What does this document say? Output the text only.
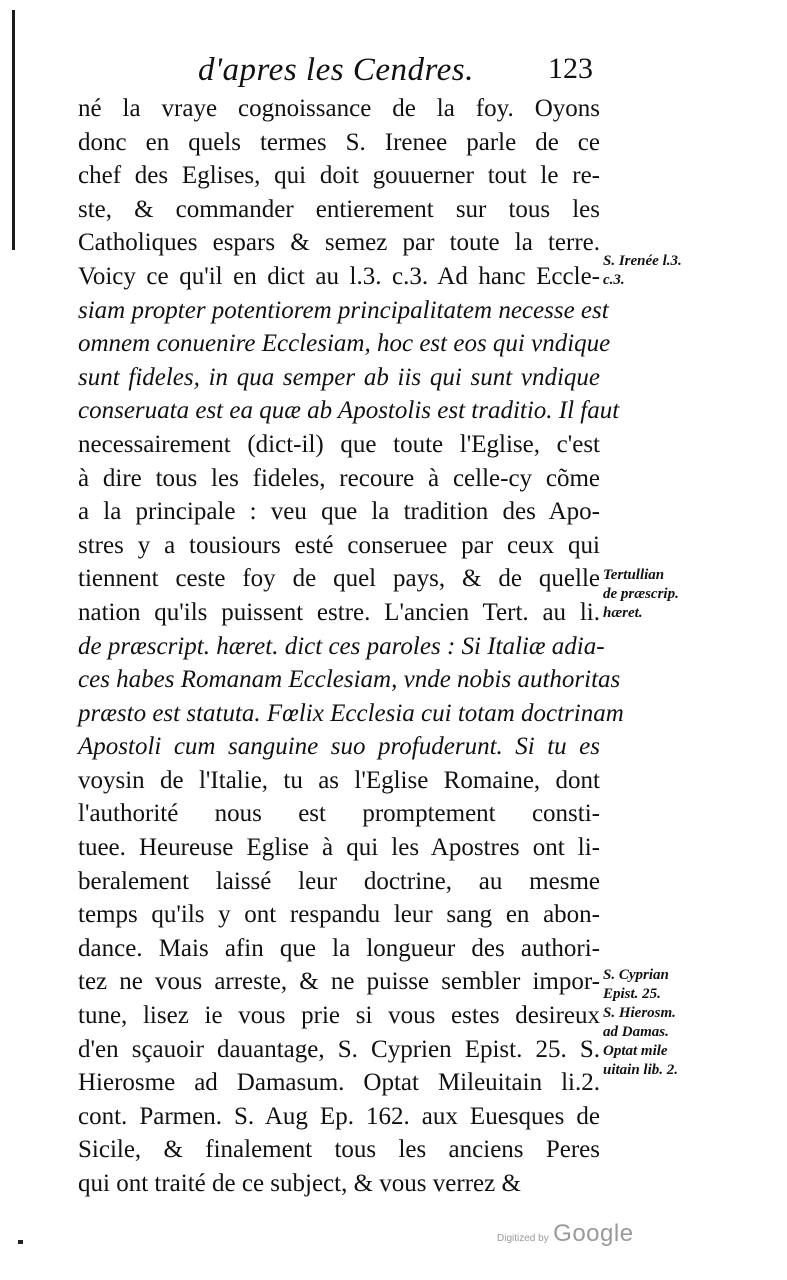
d'apres les Cendres. 123
né la vraye cognoissance de la foy. Oyons
donc en quels termes S. Irenee parle de ce
chef des Eglises, qui doit gouuerner tout le re-
ste, & commander entierement sur tous les
Catholiques espars & semez par toute la terre.
Voicy ce qu'il en dict au l.3. c.3. Ad hanc Eccle-
siam propter potentiorem principalitatem necesse est
omnem conuenire Ecclesiam, hoc est eos qui vndique
sunt fideles, in qua semper ab iis qui sunt vndique
conseruata est ea quæ ab Apostolis est traditio. Il faut
necessairement (dict-il) que toute l'Eglise, c'est
à dire tous les fideles, recoure à celle-cy cõme
a la principale : veu que la tradition des Apo-
stres y a tousiours esté conseruee par ceux qui
tiennent ceste foy de quel pays, & de quelle
nation qu'ils puissent estre. L'ancien Tert. au li.
de præscript. hæret. dict ces paroles : Si Italiæ adia-
ces habes Romanam Ecclesiam, vnde nobis authoritas
præsto est statuta. Fœlix Ecclesia cui totam doctrinam
Apostoli cum sanguine suo profuderunt. Si tu es
voysin de l'Italie, tu as l'Eglise Romaine, dont
l'authorité nous est promptement consti-
tuee. Heureuse Eglise à qui les Apostres ont li-
beralement laissé leur doctrine, au mesme
temps qu'ils y ont respandu leur sang en abon-
dance. Mais afin que la longueur des authori-
tez ne vous arreste, & ne puisse sembler impor-
tune, lisez ie vous prie si vous estes desireux
d'en sçauoir dauantage, S. Cyprien Epist. 25. S.
Hierosme ad Damasum. Optat Mileuitain li.2.
cont. Parmen. S. Aug Ep. 162. aux Euesques de
Sicile, & finalement tous les anciens Peres
qui ont traité de ce subject, & vous verrez &
S. Irenée l.3.
c.3.
Tertullian
de præscrip.
hæret.
S. Cyprian
Epist. 25.
S. Hierosm.
ad Damas.
Optat mile
uitain lib. 2.
Digitized by Google
